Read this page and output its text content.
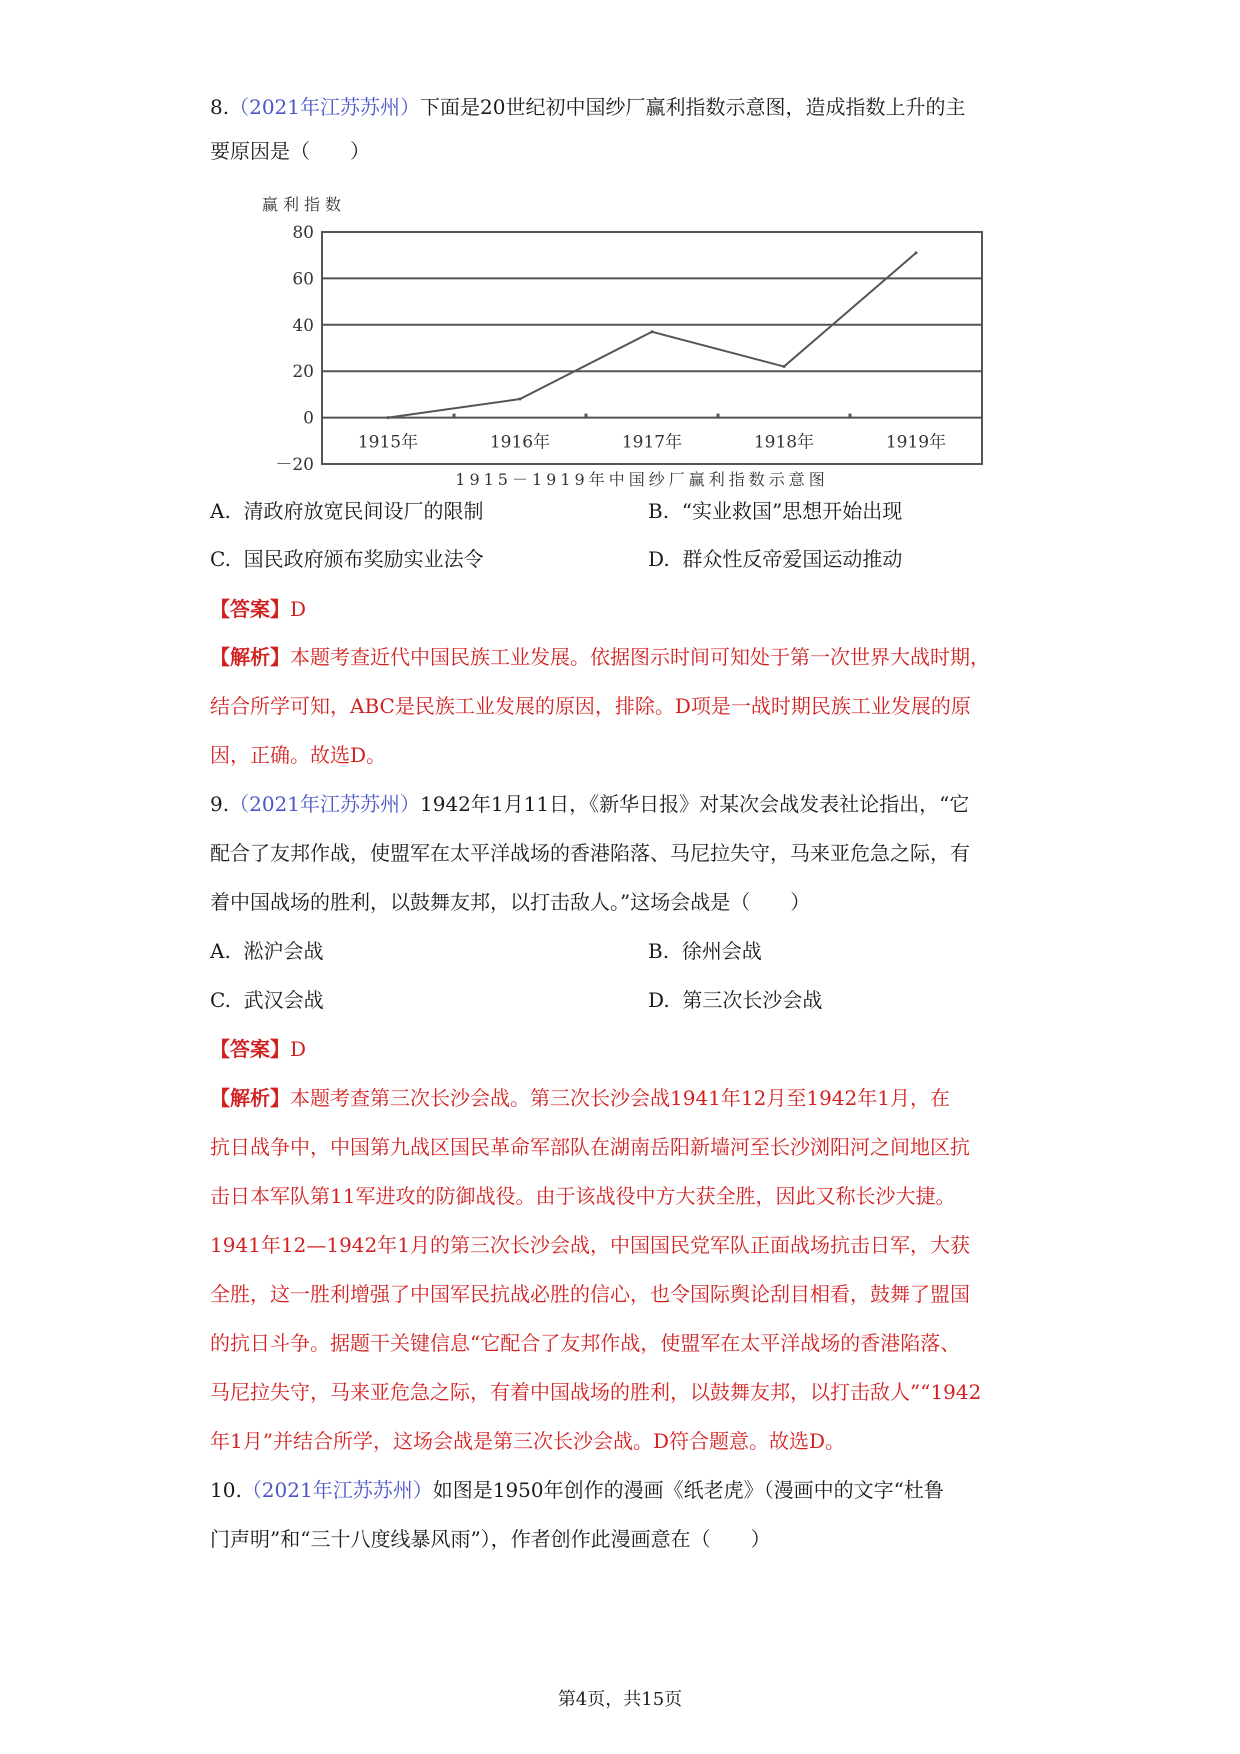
8.（2021年江苏苏州）下面是20世纪初中国纱厂赢利指数示意图，造成指数上升的主
要原因是（　　）
赢利指数
80
60
40
20
0
－20
1915年	1916年	1917年	1918年	1919年
1915－1919年中国纱厂赢利指数示意图
A. 清政府放宽民间设厂的限制	B. “实业救国”思想开始出现
C. 国民政府颁布奖励实业法令	D. 群众性反帝爱国运动推动
【答案】D
【解析】本题考查近代中国民族工业发展。依据图示时间可知处于第一次世界大战时期，
结合所学可知，ABC是民族工业发展的原因，排除。D项是一战时期民族工业发展的原
因，正确。故选D。
9.（2021年江苏苏州）1942年1月11日，《新华日报》对某次会战发表社论指出，“它
配合了友邦作战，使盟军在太平洋战场的香港陷落、马尼拉失守，马来亚危急之际，有
着中国战场的胜利，以鼓舞友邦，以打击敌人。”这场会战是（　　）
A. 淞沪会战	B. 徐州会战
C. 武汉会战	D. 第三次长沙会战
【答案】D
【解析】本题考查第三次长沙会战。第三次长沙会战1941年12月至1942年1月，在
抗日战争中，中国第九战区国民革命军部队在湖南岳阳新墙河至长沙浏阳河之间地区抗
击日本军队第11军进攻的防御战役。由于该战役中方大获全胜，因此又称长沙大捷。
1941年12—1942年1月的第三次长沙会战，中国国民党军队正面战场抗击日军，大获
全胜，这一胜利增强了中国军民抗战必胜的信心，也令国际舆论刮目相看，鼓舞了盟国
的抗日斗争。据题干关键信息“它配合了友邦作战，使盟军在太平洋战场的香港陷落、
马尼拉失守，马来亚危急之际，有着中国战场的胜利，以鼓舞友邦，以打击敌人”“1942
年1月”并结合所学，这场会战是第三次长沙会战。D符合题意。故选D。
10.（2021年江苏苏州）如图是1950年创作的漫画《纸老虎》（漫画中的文字“杜鲁
门声明”和“三十八度线暴风雨”），作者创作此漫画意在（　　）
第4页，共15页
